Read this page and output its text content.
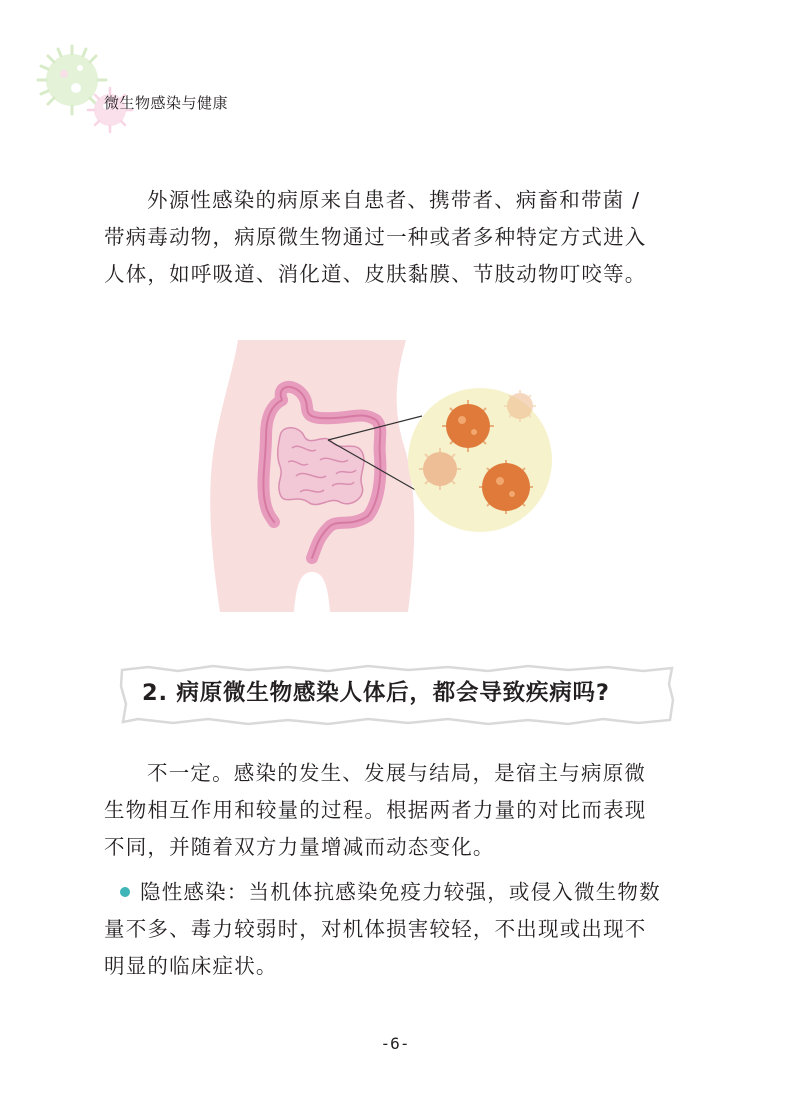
微生物感染与健康

外源性感染的病原来自患者、携带者、病畜和带菌 /
带病毒动物，病原微生物通过一种或者多种特定方式进入
人体，如呼吸道、消化道、皮肤黏膜、节肢动物叮咬等。

2. 病原微生物感染人体后，都会导致疾病吗?

不一定。感染的发生、发展与结局，是宿主与病原微
生物相互作用和较量的过程。根据两者力量的对比而表现
不同，并随着双方力量增减而动态变化。

隐性感染：当机体抗感染免疫力较强，或侵入微生物数
量不多、毒力较弱时，对机体损害较轻，不出现或出现不
明显的临床症状。

-6-
